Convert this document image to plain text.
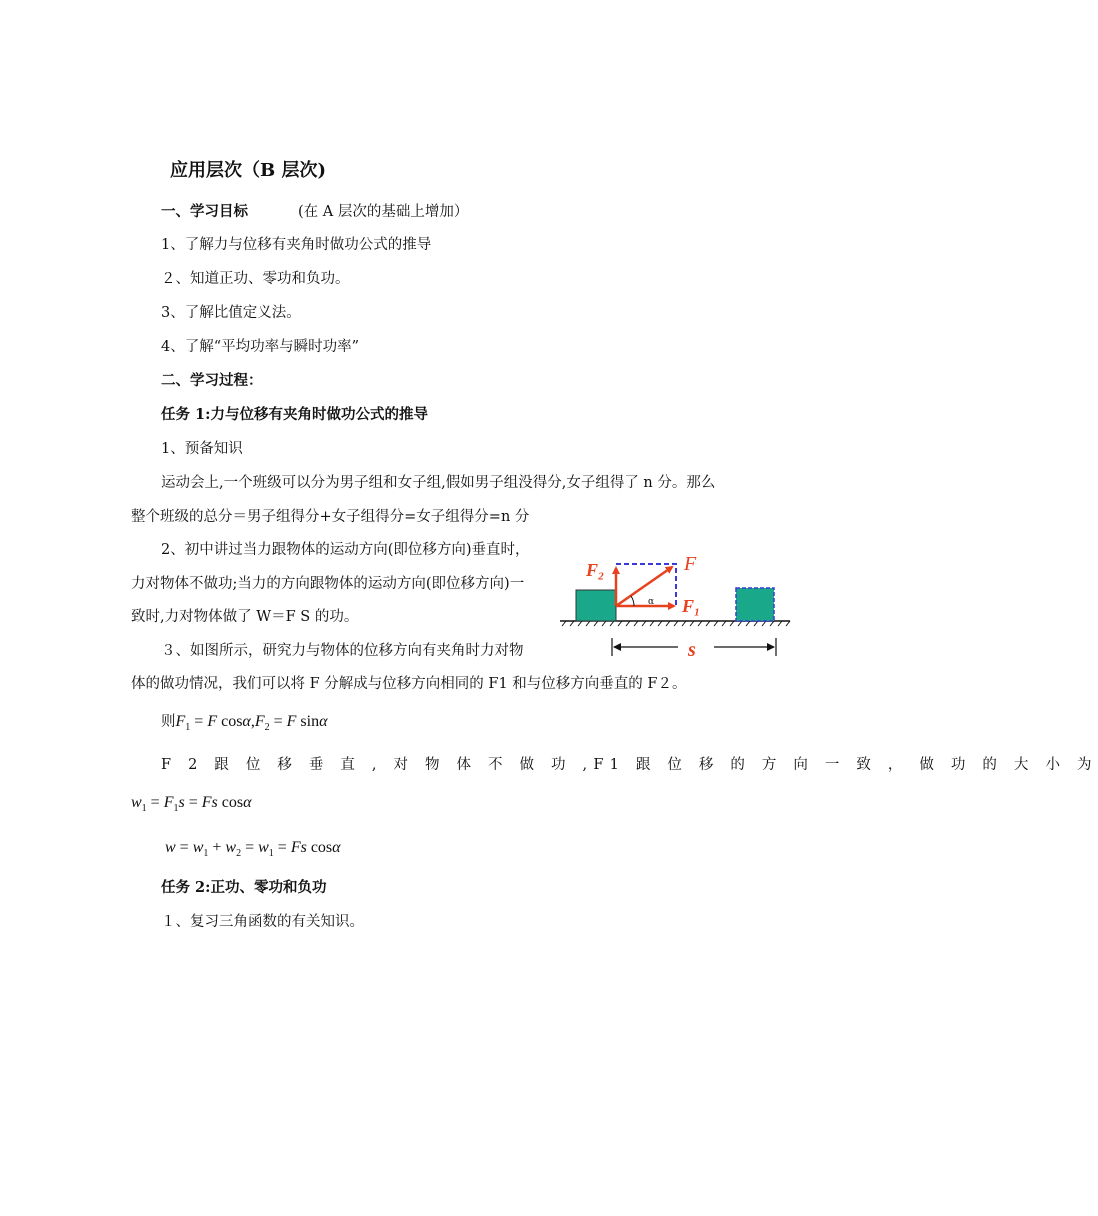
应用层次（B 层次)
一、学习目标	(在 A 层次的基础上增加）
1、了解力与位移有夹角时做功公式的推导
２、知道正功、零功和负功。
3、了解比值定义法。
4、了解“平均功率与瞬时功率”
二、学习过程：
任务 1:力与位移有夹角时做功公式的推导
1、预备知识
运动会上,一个班级可以分为男子组和女子组,假如男子组没得分,女子组得了 n 分。那么
整个班级的总分＝男子组得分+女子组得分=女子组得分=n 分
2、初中讲过当力跟物体的运动方向(即位移方向)垂直时，
力对物体不做功;当力的方向跟物体的运动方向(即位移方向)一
致时,力对物体做了 W＝F S 的功。
３、如图所示，研究力与物体的位移方向有夹角时力对物
体的做功情况，我们可以将 F 分解成与位移方向相同的 F1 和与位移方向垂直的 F２。
则$F_1 = F$ $\cos\alpha,F_2 = F$ sinα
F 2 跟 位 移 垂 直 , 对 物 体 不 做 功 ,F1 跟 位 移 的 方 向 一 致 ， 做 功 的 大 小 为
$w_1 = F_1s = Fs$ cosα
$w = w_1 + w_2 = w_1 = Fs$ cosα
任务 2:正功、零功和负功
１、复习三角函数的有关知识。
α
F₂	F
F₁
s
